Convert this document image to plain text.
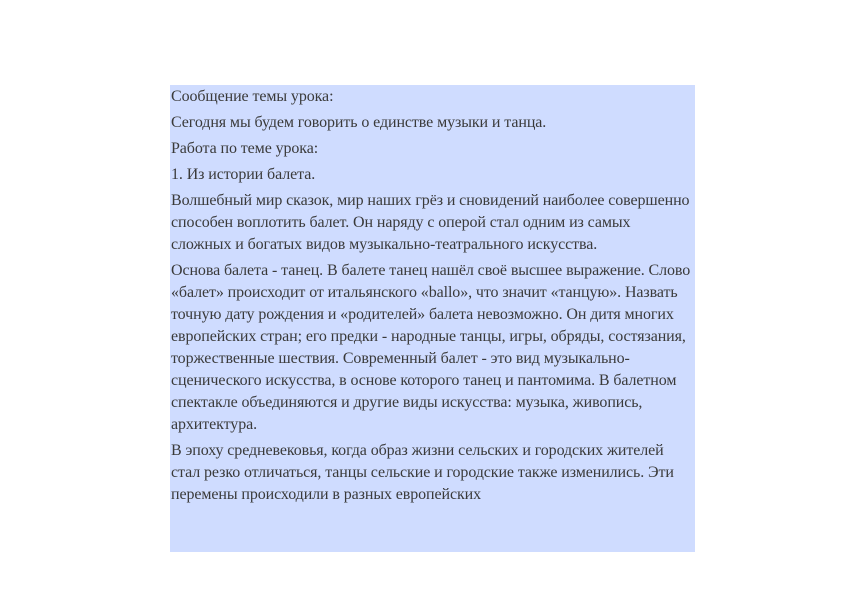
Сообщение темы урока:

Сегодня мы будем говорить о единстве музыки и танца.

Работа по теме урока:

1. Из истории балета.

Волшебный мир сказок, мир наших грёз и сновидений наиболее совершенно способен воплотить балет. Он наряду с оперой стал одним из самых сложных и богатых видов музыкально-театрального искусства.

Основа балета - танец. В балете танец нашёл своё высшее выражение. Слово «балет» происходит от итальянского «ballo», что значит «танцую». Назвать точную дату рождения и «родителей» балета невозможно. Он дитя многих европейских стран; его предки - народные танцы, игры, обряды, состязания, торжественные шествия. Современный балет - это вид музыкально-сценического искусства, в основе которого танец и пантомима. В балетном спектакле объединяются и другие виды искусства: музыка, живопись, архитектура.

В эпоху средневековья, когда образ жизни сельских и городских жителей стал резко отличаться, танцы сельские и городские также изменились. Эти перемены происходили в разных европейских
